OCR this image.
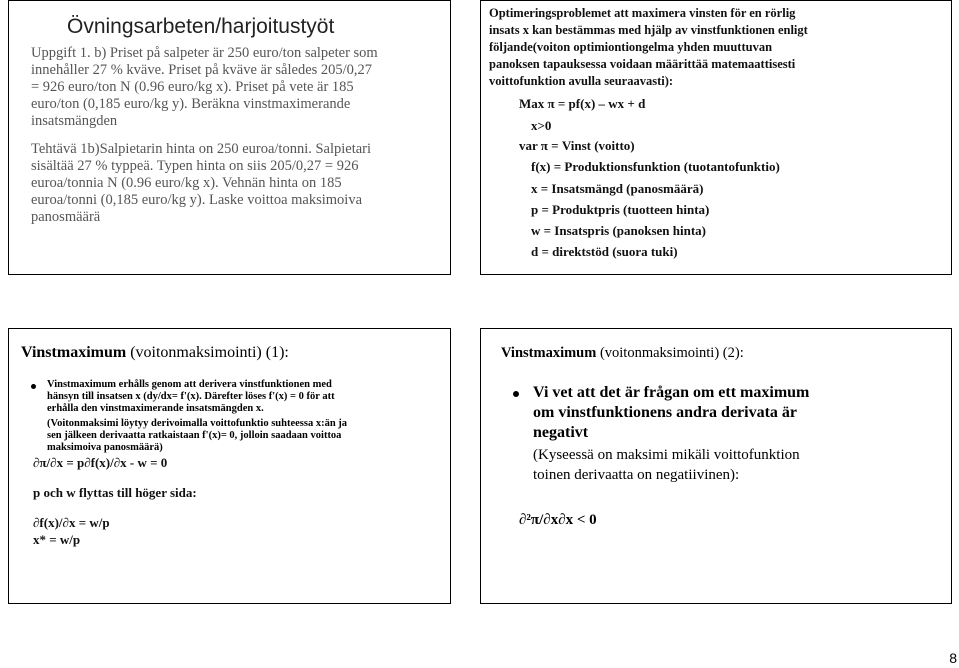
Övningsarbeten/harjoitustyöt
Uppgift 1. b) Priset på salpeter är 250 euro/ton salpeter som
innehåller 27 % kväve. Priset på kväve är således 205/0,27
= 926 euro/ton N (0.96 euro/kg x). Priset på vete är 185
euro/ton (0,185 euro/kg y). Beräkna vinstmaximerande
insatsmängden
Tehtävä 1b)Salpietarin hinta on 250 euroa/tonni. Salpietari
sisältää 27 % typpeä. Typen hinta on siis 205/0,27 = 926
euroa/tonnia N (0.96 euro/kg x). Vehnän hinta on 185
euroa/tonni (0,185 euro/kg y). Laske voittoa maksimoiva
panosmäärä
Optimeringsproblemet att maximera vinsten för en rörlig
insats x kan bestämmas med hjälp av vinstfunktionen enligt
följande(voiton optimiontiongelma yhden muuttuvan
panoksen tapauksessa voidaan määrittää matemaattisesti
voittofunktion avulla seuraavasti):
Max π = pf(x) – wx + d
x>0
var π = Vinst (voitto)
f(x) = Produktionsfunktion (tuotantofunktio)
x = Insatsmängd (panosmäärä)
p = Produktpris (tuotteen hinta)
w = Insatspris (panoksen hinta)
d = direktstöd (suora tuki)
Vinstmaximum (voitonmaksimointi) (1):
Vinstmaximum erhålls genom att derivera vinstfunktionen med
hänsyn till insatsen x (dy/dx= f'(x). Därefter löses f'(x) = 0 för att
erhålla den vinstmaximerande insatsmängden x.
(Voitonmaksimi löytyy derivoimalla voittofunktio suhteessa x:än ja
sen jälkeen derivaatta ratkaistaan f'(x)= 0, jolloin saadaan voittoa
maksimoiva panosmäärä)
∂π/∂x = p∂f(x)/∂x - w = 0
p och w flyttas till höger sida:
∂f(x)/∂x = w/p
x* = w/p
Vinstmaximum (voitonmaksimointi) (2):
Vi vet att det är frågan om ett maximum
om vinstfunktionens andra derivata är
negativt
(Kyseessä on maksimi mikäli voittofunktion
toinen derivaatta on negatiivinen):
∂²π/∂x∂x < 0
8
